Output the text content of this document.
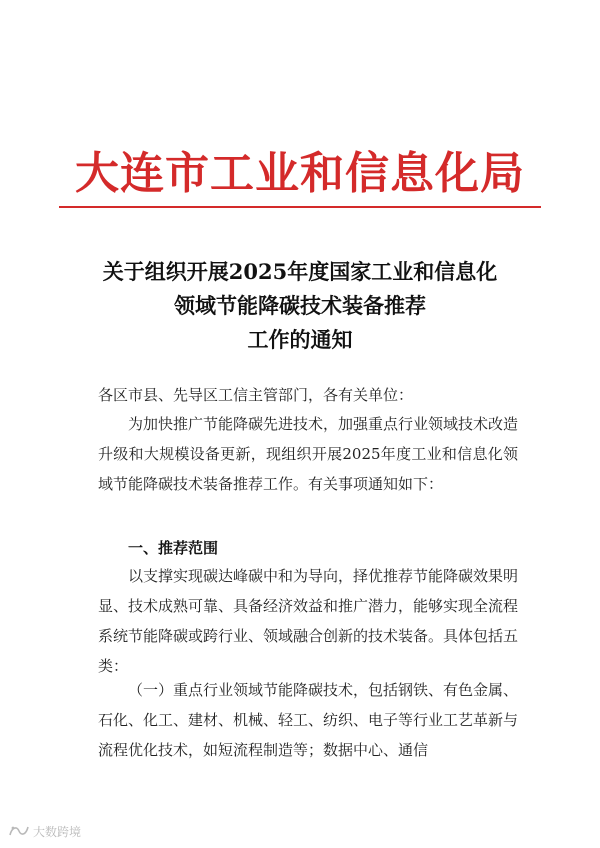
大连市工业和信息化局
关于组织开展2025年度国家工业和信息化
领域节能降碳技术装备推荐
工作的通知
各区市县、先导区工信主管部门，各有关单位：

为加快推广节能降碳先进技术，加强重点行业领域技术改造升级和大规模设备更新，现组织开展2025年度工业和信息化领域节能降碳技术装备推荐工作。有关事项通知如下：

一、推荐范围

以支撑实现碳达峰碳中和为导向，择优推荐节能降碳效果明显、技术成熟可靠、具备经济效益和推广潜力，能够实现全流程系统节能降碳或跨行业、领域融合创新的技术装备。具体包括五类：

（一）重点行业领域节能降碳技术，包括钢铁、有色金属、石化、化工、建材、机械、轻工、纺织、电子等行业工艺革新与流程优化技术，如短流程制造等；数据中心、通信

大数跨境
